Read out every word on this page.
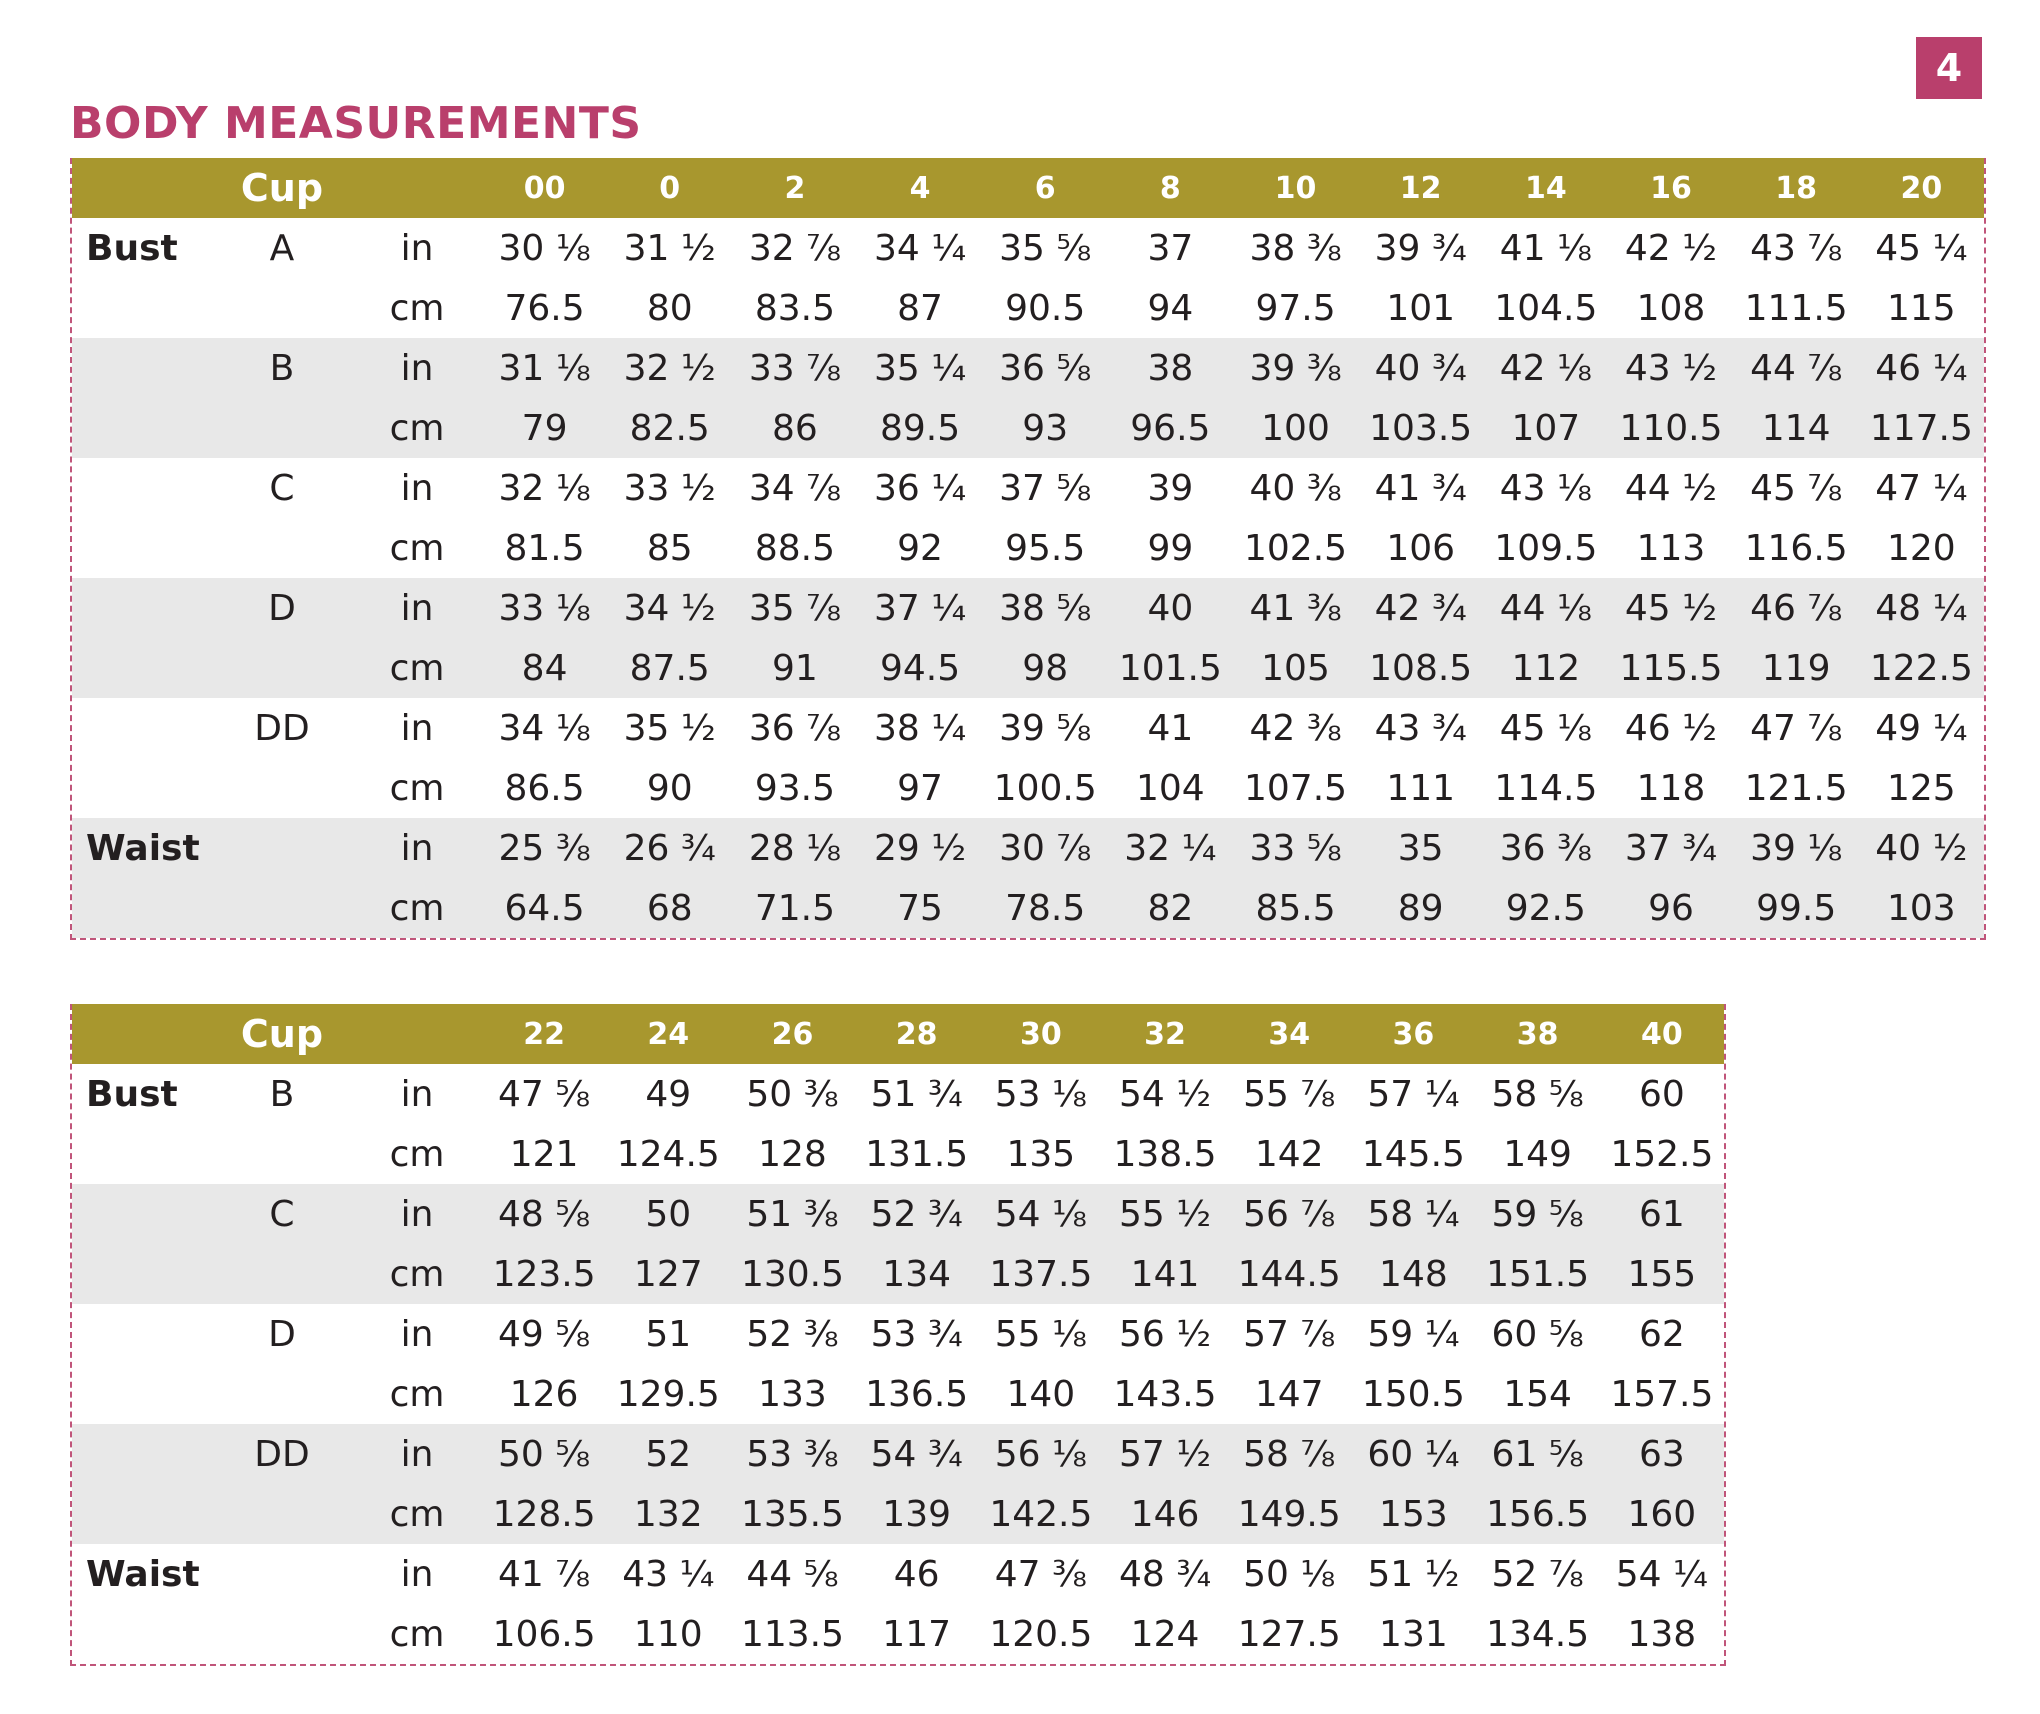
4
BODY MEASUREMENTS
	Cup		00	0	2	4	6	8	10	12	14	16	18	20
Bust	A	in	30 ⅛	31 ½	32 ⅞	34 ¼	35 ⅝	37	38 ⅜	39 ¾	41 ⅛	42 ½	43 ⅞	45 ¼
		cm	76.5	80	83.5	87	90.5	94	97.5	101	104.5	108	111.5	115
	B	in	31 ⅛	32 ½	33 ⅞	35 ¼	36 ⅝	38	39 ⅜	40 ¾	42 ⅛	43 ½	44 ⅞	46 ¼
		cm	79	82.5	86	89.5	93	96.5	100	103.5	107	110.5	114	117.5
	C	in	32 ⅛	33 ½	34 ⅞	36 ¼	37 ⅝	39	40 ⅜	41 ¾	43 ⅛	44 ½	45 ⅞	47 ¼
		cm	81.5	85	88.5	92	95.5	99	102.5	106	109.5	113	116.5	120
	D	in	33 ⅛	34 ½	35 ⅞	37 ¼	38 ⅝	40	41 ⅜	42 ¾	44 ⅛	45 ½	46 ⅞	48 ¼
		cm	84	87.5	91	94.5	98	101.5	105	108.5	112	115.5	119	122.5
	DD	in	34 ⅛	35 ½	36 ⅞	38 ¼	39 ⅝	41	42 ⅜	43 ¾	45 ⅛	46 ½	47 ⅞	49 ¼
		cm	86.5	90	93.5	97	100.5	104	107.5	111	114.5	118	121.5	125
Waist		in	25 ⅜	26 ¾	28 ⅛	29 ½	30 ⅞	32 ¼	33 ⅝	35	36 ⅜	37 ¾	39 ⅛	40 ½
		cm	64.5	68	71.5	75	78.5	82	85.5	89	92.5	96	99.5	103
	Cup		22	24	26	28	30	32	34	36	38	40
Bust	B	in	47 ⅝	49	50 ⅜	51 ¾	53 ⅛	54 ½	55 ⅞	57 ¼	58 ⅝	60
		cm	121	124.5	128	131.5	135	138.5	142	145.5	149	152.5
	C	in	48 ⅝	50	51 ⅜	52 ¾	54 ⅛	55 ½	56 ⅞	58 ¼	59 ⅝	61
		cm	123.5	127	130.5	134	137.5	141	144.5	148	151.5	155
	D	in	49 ⅝	51	52 ⅜	53 ¾	55 ⅛	56 ½	57 ⅞	59 ¼	60 ⅝	62
		cm	126	129.5	133	136.5	140	143.5	147	150.5	154	157.5
	DD	in	50 ⅝	52	53 ⅜	54 ¾	56 ⅛	57 ½	58 ⅞	60 ¼	61 ⅝	63
		cm	128.5	132	135.5	139	142.5	146	149.5	153	156.5	160
Waist		in	41 ⅞	43 ¼	44 ⅝	46	47 ⅜	48 ¾	50 ⅛	51 ½	52 ⅞	54 ¼
		cm	106.5	110	113.5	117	120.5	124	127.5	131	134.5	138
